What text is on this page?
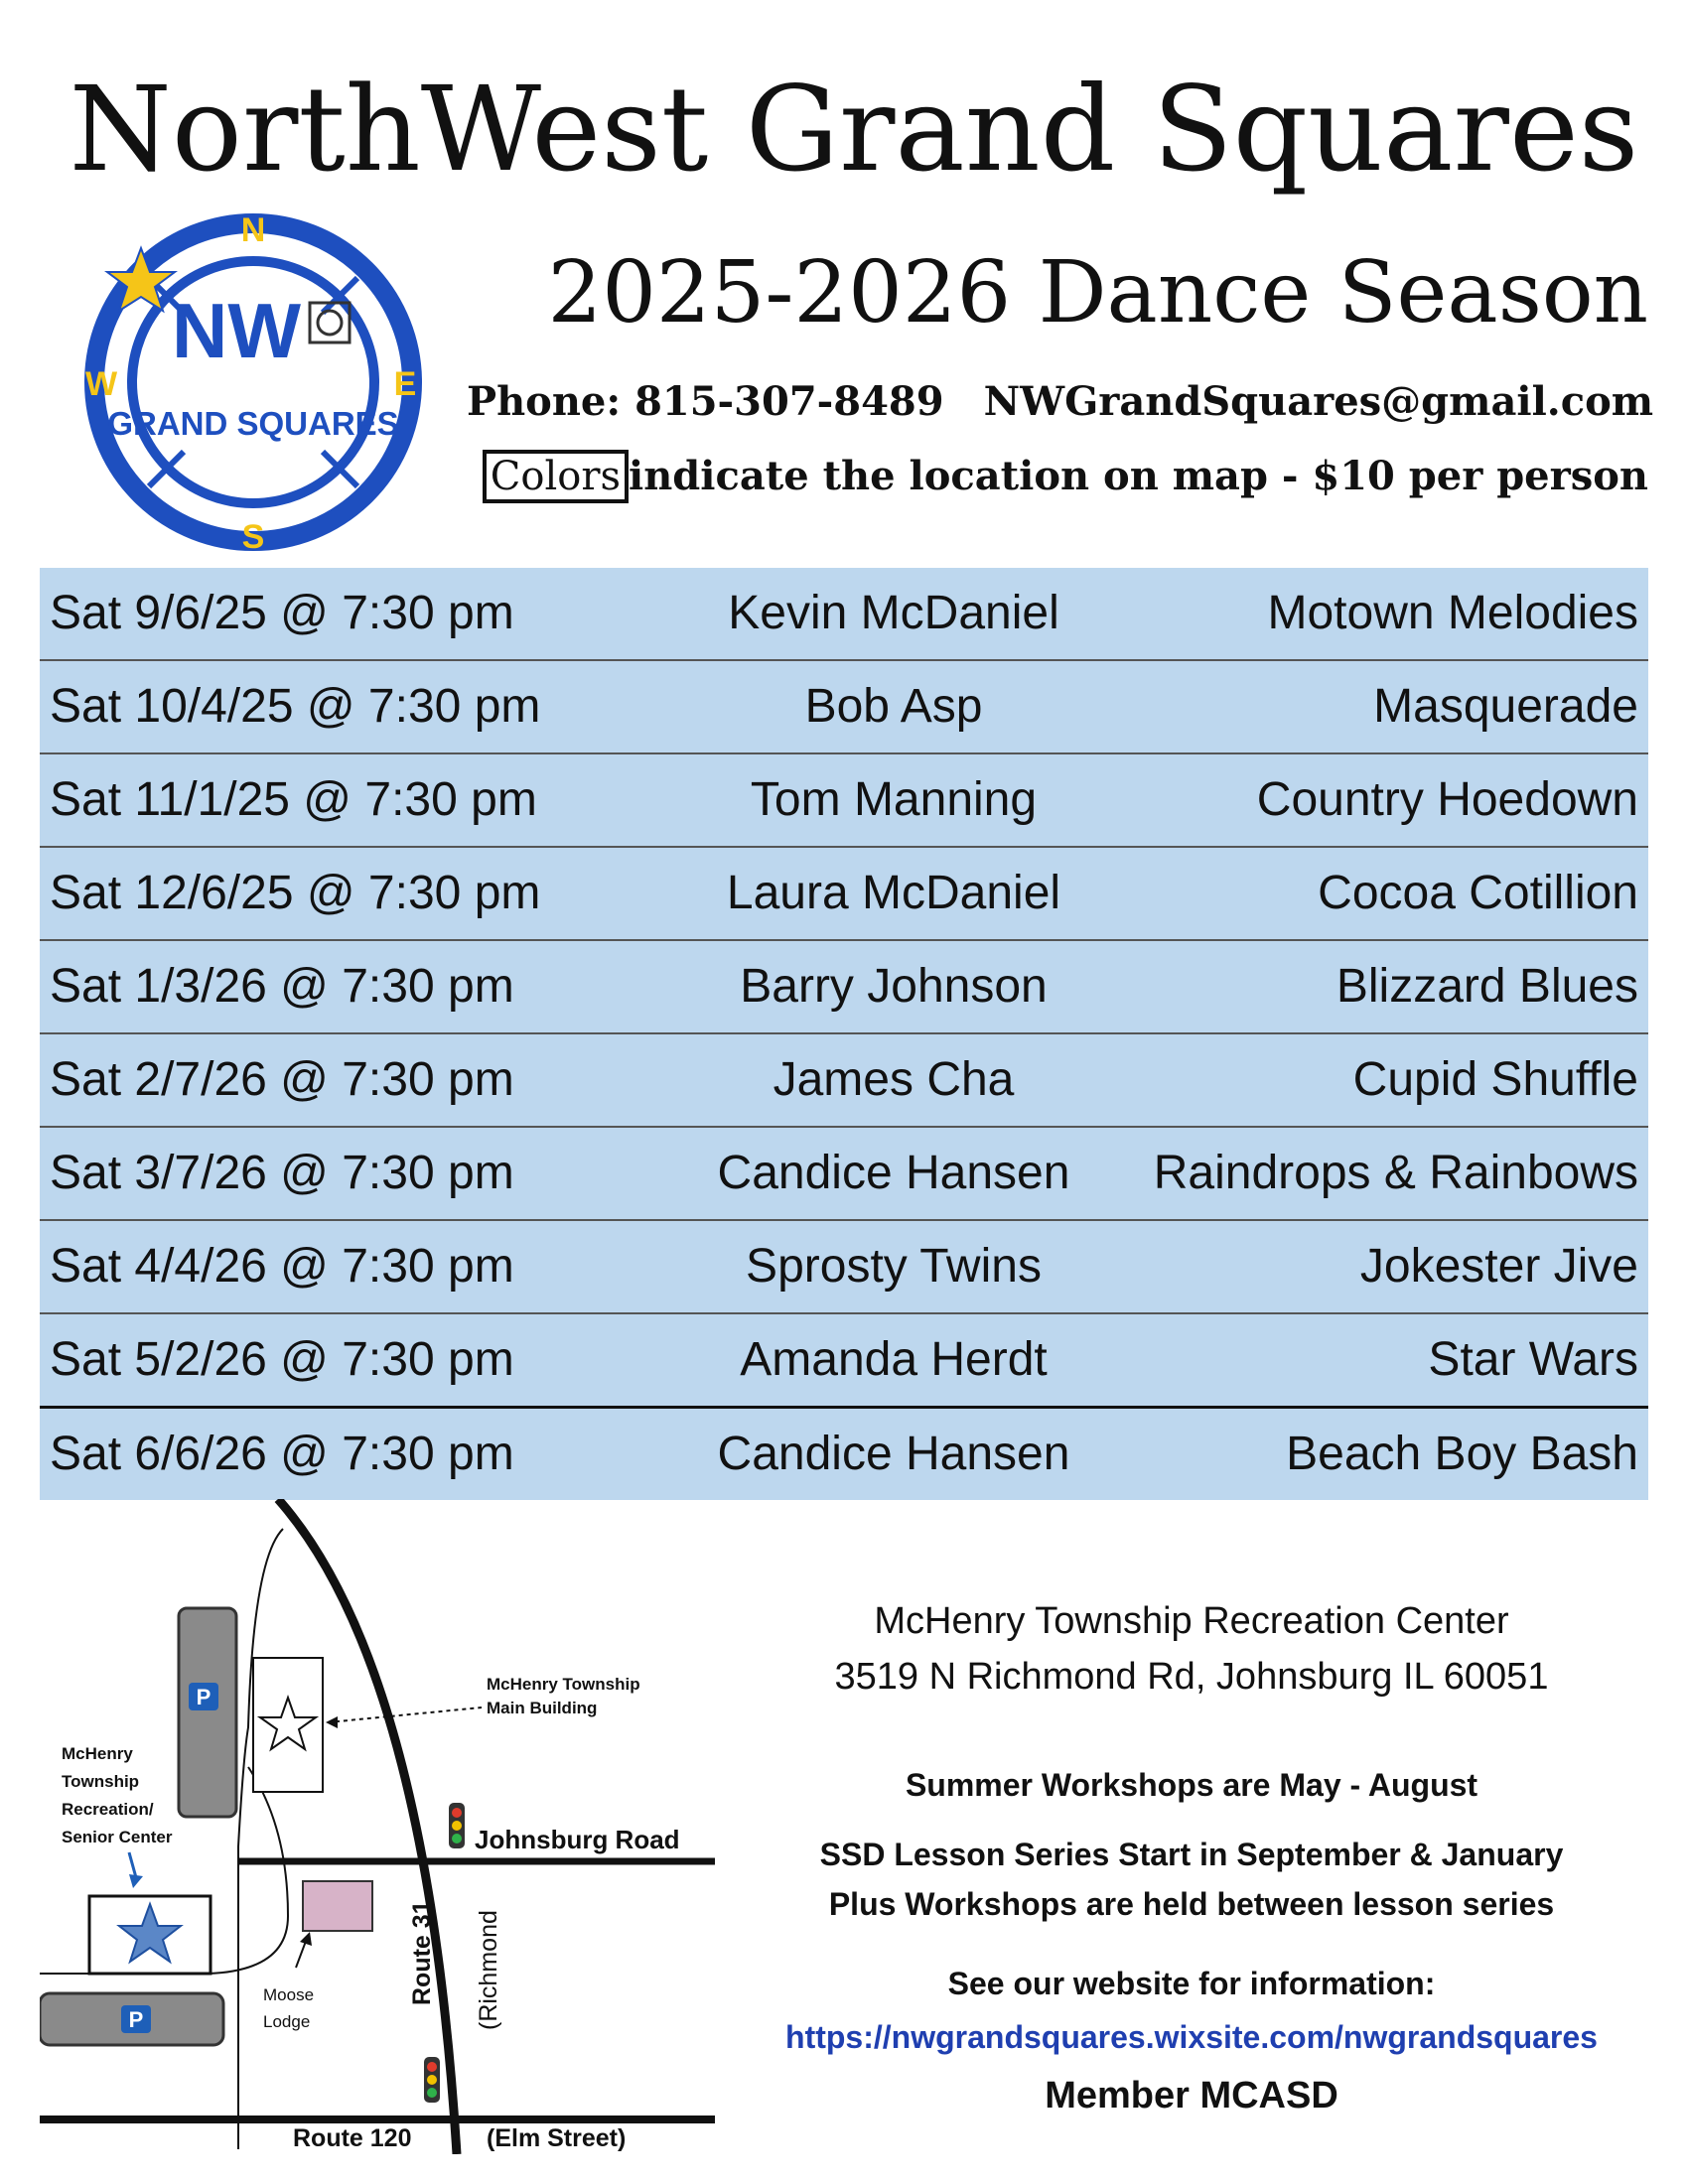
NorthWest Grand Squares
N
E
S
W
NW
GRAND SQUARES
2025-2026 Dance Season
Phone: 815-307-8489 NWGrandSquares@gmail.com
Colors indicate the location on map - $10 per person
Sat 9/6/25 @ 7:30 pm	Kevin McDaniel	Motown Melodies
Sat 10/4/25 @ 7:30 pm	Bob Asp	Masquerade
Sat 11/1/25 @ 7:30 pm	Tom Manning	Country Hoedown
Sat 12/6/25 @ 7:30 pm	Laura McDaniel	Cocoa Cotillion
Sat 1/3/26 @ 7:30 pm	Barry Johnson	Blizzard Blues
Sat 2/7/26 @ 7:30 pm	James Cha	Cupid Shuffle
Sat 3/7/26 @ 7:30 pm	Candice Hansen	Raindrops & Rainbows
Sat 4/4/26 @ 7:30 pm	Sprosty Twins	Jokester Jive
Sat 5/2/26 @ 7:30 pm	Amanda Herdt	Star Wars
Sat 6/6/26 @ 7:30 pm	Candice Hansen	Beach Boy Bash
P
McHenry Township
Main Building
McHenry
Township
Recreation/
Senior Center
P
Moose
Lodge
Johnsburg Road
Route 31 (Richmond
Route 120	(Elm Street)
McHenry Township Recreation Center
3519 N Richmond Rd, Johnsburg IL 60051
Summer Workshops are May - August
SSD Lesson Series Start in September & January
Plus Workshops are held between lesson series
See our website for information:
https://nwgrandsquares.wixsite.com/nwgrandsquares
Member MCASD
